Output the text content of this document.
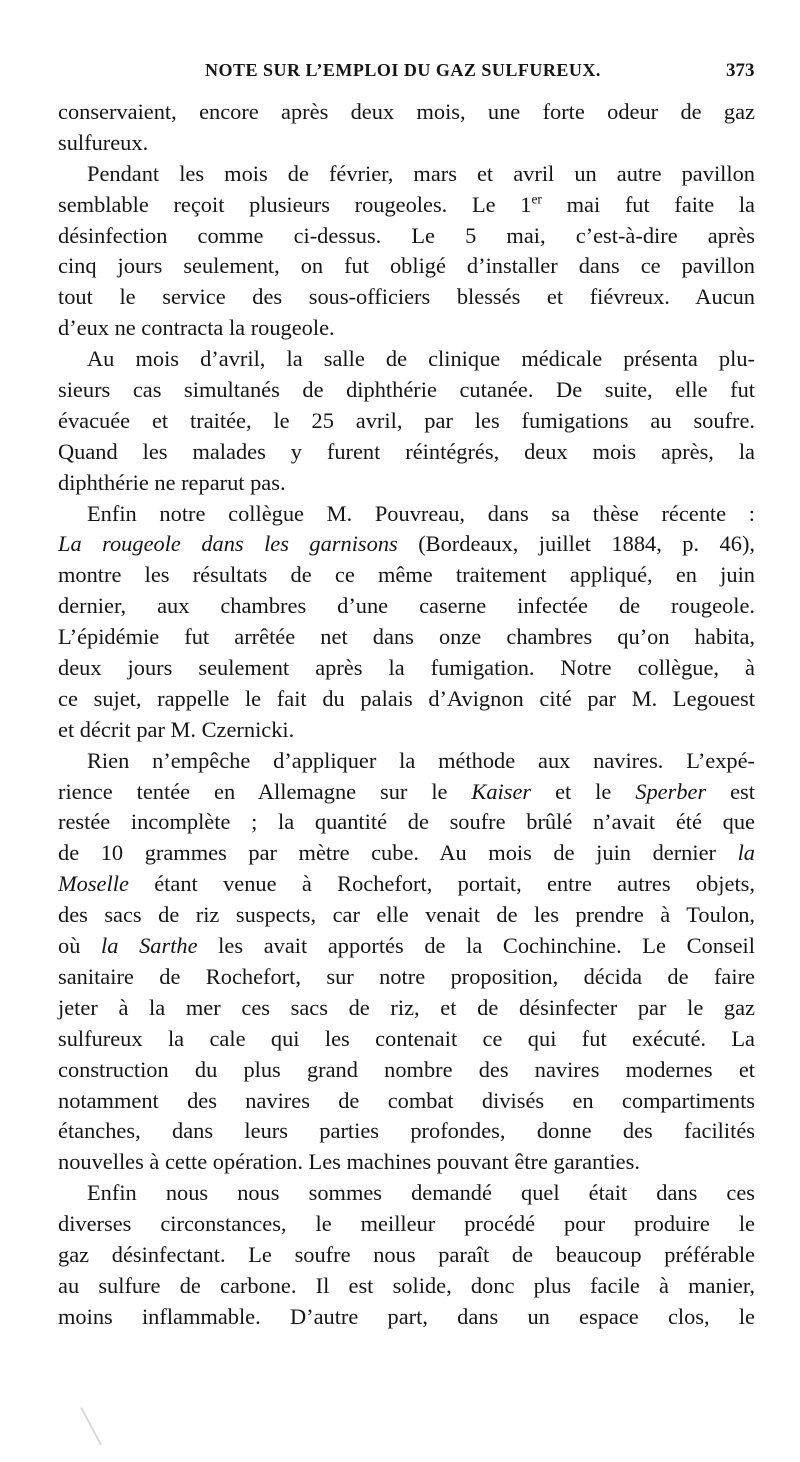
NOTE SUR L’EMPLOI DU GAZ SULFUREUX.	373
conservaient, encore après deux mois, une forte odeur de gaz
sulfureux.
Pendant les mois de février, mars et avril un autre pavillon
semblable reçoit plusieurs rougeoles. Le 1er mai fut faite la
désinfection comme ci-dessus. Le 5 mai, c’est-à-dire après
cinq jours seulement, on fut obligé d’installer dans ce pavillon
tout le service des sous-officiers blessés et fiévreux. Aucun
d’eux ne contracta la rougeole.
Au mois d’avril, la salle de clinique médicale présenta plu-
sieurs cas simultanés de diphthérie cutanée. De suite, elle fut
évacuée et traitée, le 25 avril, par les fumigations au soufre.
Quand les malades y furent réintégrés, deux mois après, la
diphthérie ne reparut pas.
Enfin notre collègue M. Pouvreau, dans sa thèse récente :
La rougeole dans les garnisons (Bordeaux, juillet 1884, p. 46),
montre les résultats de ce même traitement appliqué, en juin
dernier, aux chambres d’une caserne infectée de rougeole.
L’épidémie fut arrêtée net dans onze chambres qu’on habita,
deux jours seulement après la fumigation. Notre collègue, à
ce sujet, rappelle le fait du palais d’Avignon cité par M. Legouest
et décrit par M. Czernicki.
Rien n’empêche d’appliquer la méthode aux navires. L’expé-
rience tentée en Allemagne sur le Kaiser et le Sperber est
restée incomplète ; la quantité de soufre brûlé n’avait été que
de 10 grammes par mètre cube. Au mois de juin dernier la
Moselle étant venue à Rochefort, portait, entre autres objets,
des sacs de riz suspects, car elle venait de les prendre à Toulon,
où la Sarthe les avait apportés de la Cochinchine. Le Conseil
sanitaire de Rochefort, sur notre proposition, décida de faire
jeter à la mer ces sacs de riz, et de désinfecter par le gaz
sulfureux la cale qui les contenait ce qui fut exécuté. La
construction du plus grand nombre des navires modernes et
notamment des navires de combat divisés en compartiments
étanches, dans leurs parties profondes, donne des facilités
nouvelles à cette opération. Les machines pouvant être garanties.
Enfin nous nous sommes demandé quel était dans ces
diverses circonstances, le meilleur procédé pour produire le
gaz désinfectant. Le soufre nous paraît de beaucoup préférable
au sulfure de carbone. Il est solide, donc plus facile à manier,
moins inflammable. D’autre part, dans un espace clos, le
